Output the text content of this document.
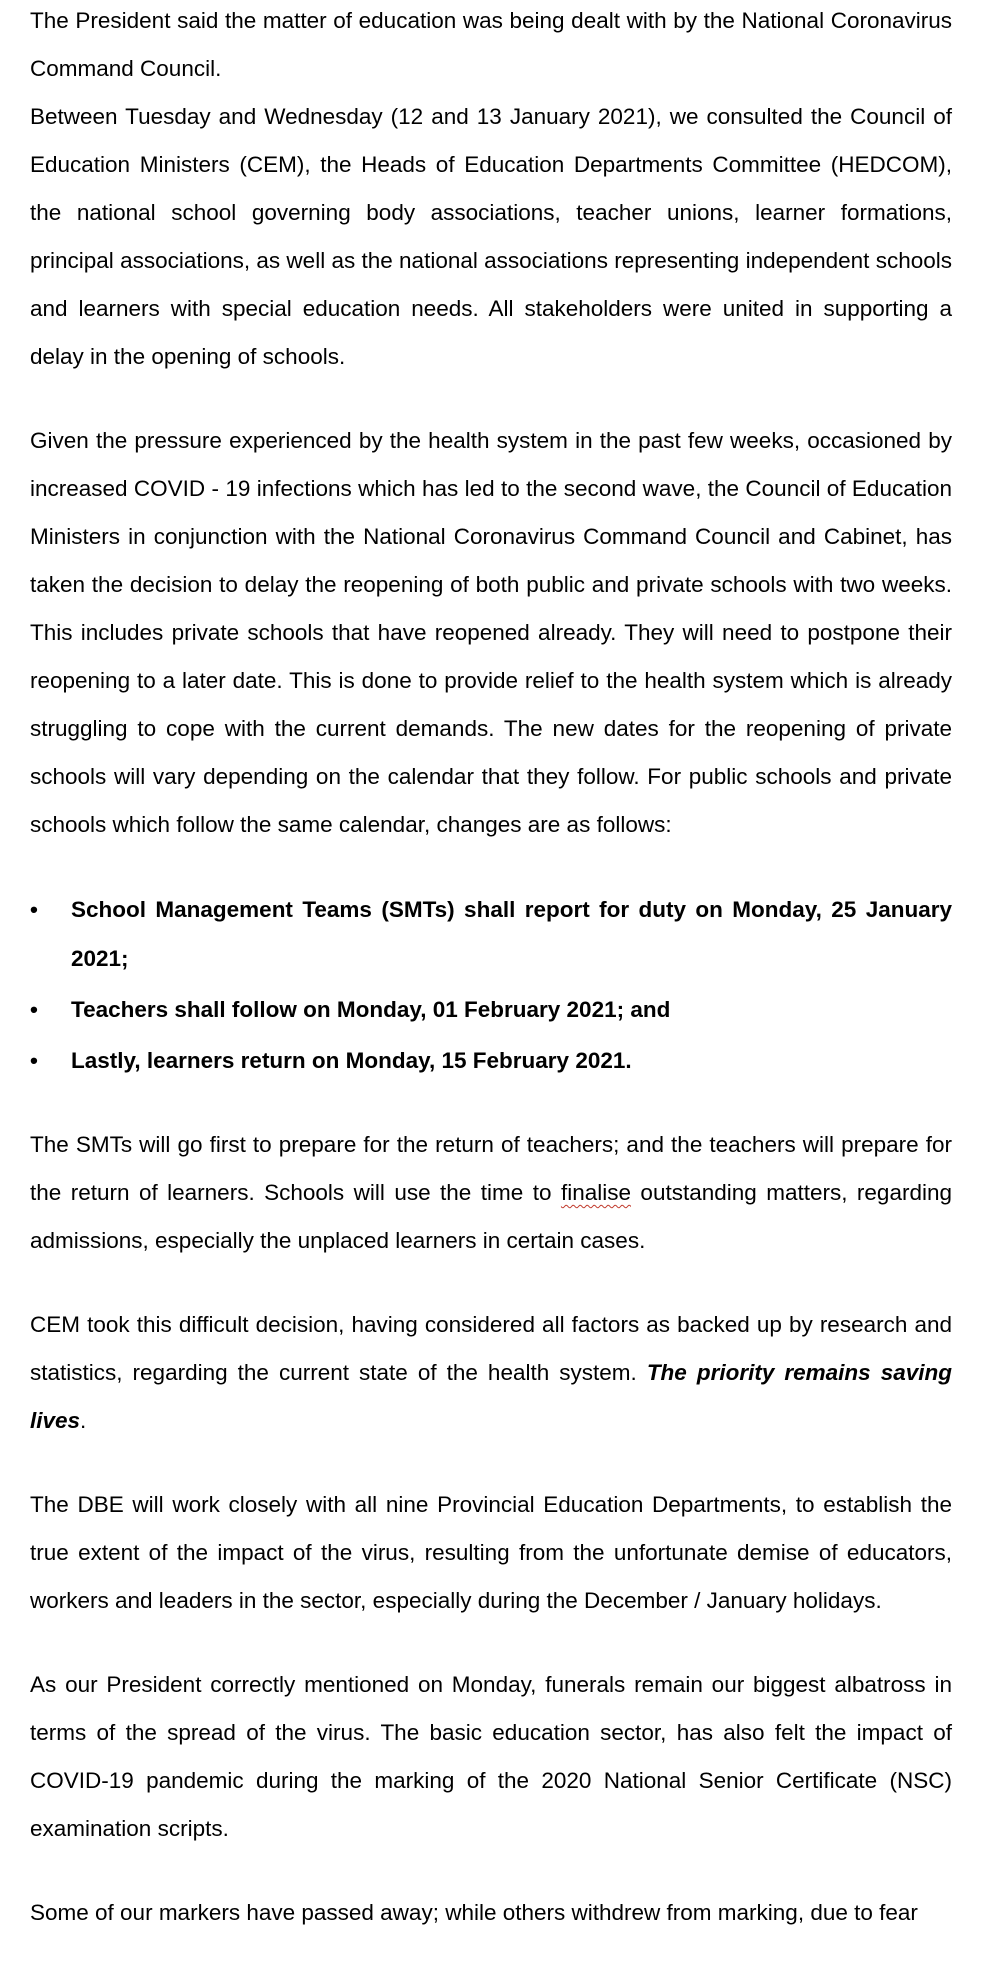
The President said the matter of education was being dealt with by the National Coronavirus Command Council.

Between Tuesday and Wednesday (12 and 13 January 2021), we consulted the Council of Education Ministers (CEM), the Heads of Education Departments Committee (HEDCOM), the national school governing body associations, teacher unions, learner formations, principal associations, as well as the national associations representing independent schools and learners with special education needs. All stakeholders were united in supporting a delay in the opening of schools.

Given the pressure experienced by the health system in the past few weeks, occasioned by increased COVID - 19 infections which has led to the second wave, the Council of Education Ministers in conjunction with the National Coronavirus Command Council and Cabinet, has taken the decision to delay the reopening of both public and private schools with two weeks. This includes private schools that have reopened already. They will need to postpone their reopening to a later date. This is done to provide relief to the health system which is already struggling to cope with the current demands. The new dates for the reopening of private schools will vary depending on the calendar that they follow. For public schools and private schools which follow the same calendar, changes are as follows:

•
School Management Teams (SMTs) shall report for duty on Monday, 25 January 2021;
•
Teachers shall follow on Monday, 01 February 2021; and
•
Lastly, learners return on Monday, 15 February 2021.

The SMTs will go first to prepare for the return of teachers; and the teachers will prepare for the return of learners. Schools will use the time to finalise outstanding matters, regarding admissions, especially the unplaced learners in certain cases.

CEM took this difficult decision, having considered all factors as backed up by research and statistics, regarding the current state of the health system. The priority remains saving lives.

The DBE will work closely with all nine Provincial Education Departments, to establish the true extent of the impact of the virus, resulting from the unfortunate demise of educators, workers and leaders in the sector, especially during the December / January holidays.

As our President correctly mentioned on Monday, funerals remain our biggest albatross in terms of the spread of the virus. The basic education sector, has also felt the impact of COVID-19 pandemic during the marking of the 2020 National Senior Certificate (NSC) examination scripts.

Some of our markers have passed away; while others withdrew from marking, due to fear
